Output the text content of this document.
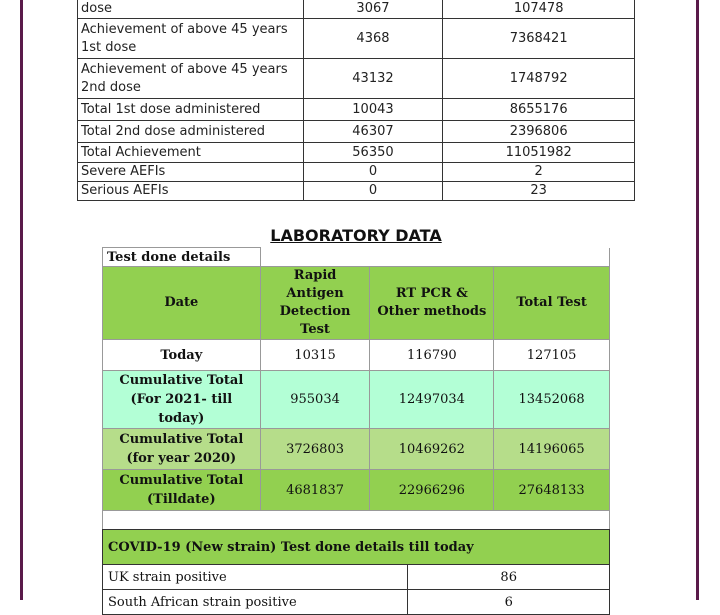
dose	3067	107478
Achievement of above 45 years 1st dose	4368	7368421
Achievement of above 45 years 2nd dose	43132	1748792
Total 1st dose administered	10043	8655176
Total 2nd dose administered	46307	2396806
Total Achievement	56350	11051982
Severe AEFIs	0	2
Serious AEFIs	0	23
LABORATORY DATA
Test done details			
Date	Rapid Antigen Detection Test	RT PCR & Other methods	Total Test
Today	10315	116790	127105
Cumulative Total (For 2021- till today)	955034	12497034	13452068
Cumulative Total (for year 2020)	3726803	10469262	14196065
Cumulative Total (Tilldate)	4681837	22966296	27648133

COVID-19 (New strain) Test done details till today	
UK strain positive	86
South African strain positive	6
